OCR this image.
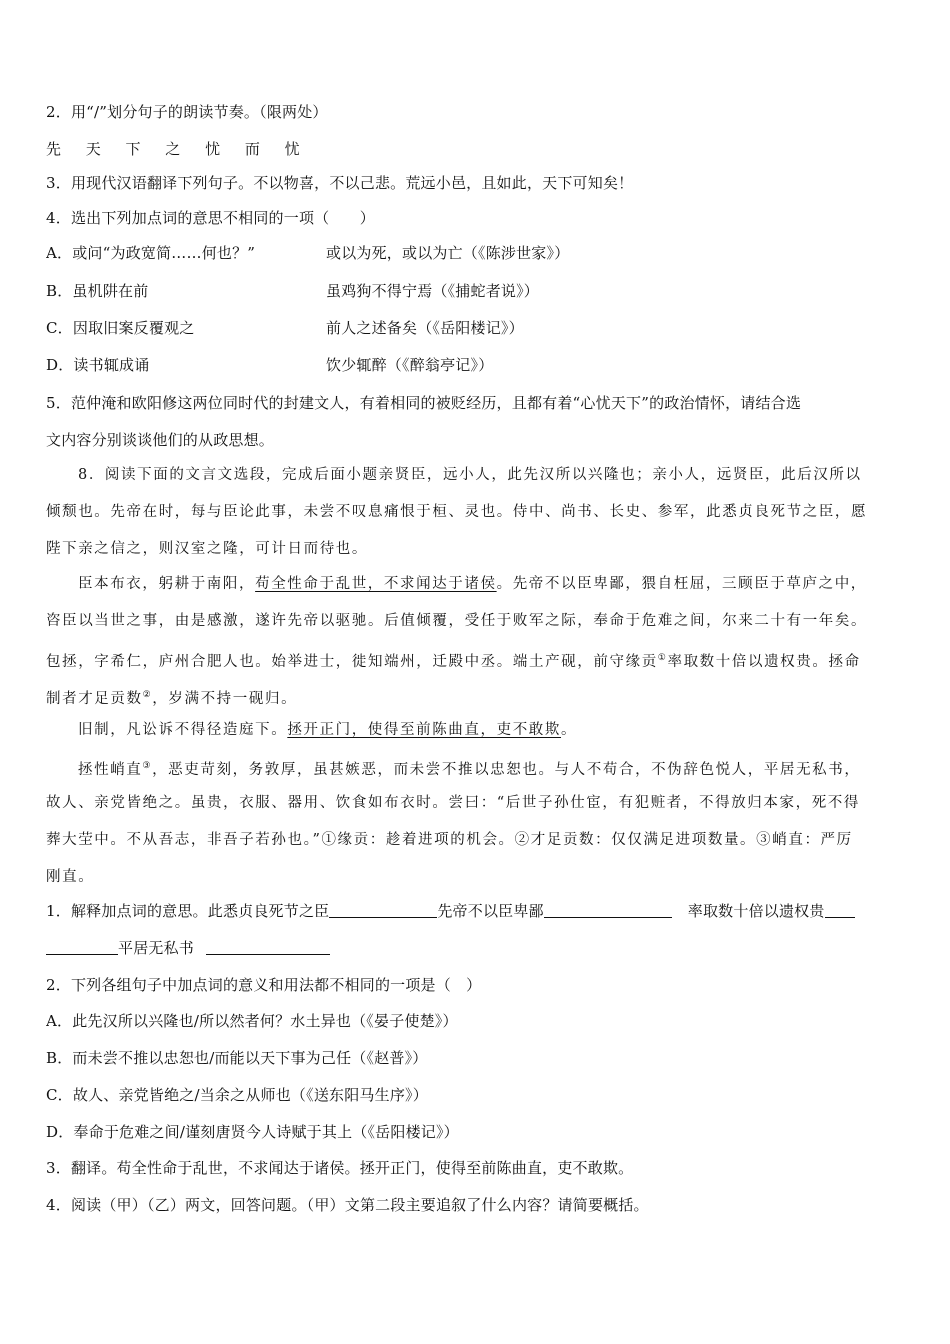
2．用“/”划分句子的朗读节奏。（限两处）
先 天 下 之 忧 而 忧
3．用现代汉语翻译下列句子。不以物喜，不以己悲。荒远小邑，且如此，天下可知矣！
4．选出下列加点词的意思不相同的一项（　　）
A．或问“为政宽简……何也？”	或以为死，或以为亡（《陈涉世家》）
B．虽机阱在前	虽鸡狗不得宁焉（《捕蛇者说》）
C．因取旧案反覆观之	前人之述备矣（《岳阳楼记》）
D．读书辄成诵	饮少辄醉（《醉翁亭记》）
5．范仲淹和欧阳修这两位同时代的封建文人，有着相同的被贬经历，且都有着“心忧天下”的政治情怀，请结合选
文内容分别谈谈他们的从政思想。
8．阅读下面的文言文选段，完成后面小题亲贤臣，远小人，此先汉所以兴隆也；亲小人，远贤臣，此后汉所以
倾颓也。先帝在时，每与臣论此事，未尝不叹息痛恨于桓、灵也。侍中、尚书、长史、参军，此悉贞良死节之臣，愿
陛下亲之信之，则汉室之隆，可计日而待也。
臣本布衣，躬耕于南阳，苟全性命于乱世，不求闻达于诸侯。先帝不以臣卑鄙，猥自枉屈，三顾臣于草庐之中，
咨臣以当世之事，由是感激，遂许先帝以驱驰。后值倾覆，受任于败军之际，奉命于危难之间，尔来二十有一年矣。
包拯，字希仁，庐州合肥人也。始举进士，徙知端州，迁殿中丞。端土产砚，前守缘贡①率取数十倍以遗权贵。拯命
制者才足贡数②，岁满不持一砚归。
旧制，凡讼诉不得径造庭下。拯开正门，使得至前陈曲直，吏不敢欺。
拯性峭直③，恶吏苛刻，务敦厚，虽甚嫉恶，而未尝不推以忠恕也。与人不苟合，不伪辞色悦人，平居无私书，
故人、亲党皆绝之。虽贵，衣服、器用、饮食如布衣时。尝曰：“后世子孙仕宦，有犯赃者，不得放归本家，死不得
葬大茔中。不从吾志，非吾子若孙也。”①缘贡：趁着进项的机会。②才足贡数：仅仅满足进项数量。③峭直：严厉
刚直。
1．解释加点词的意思。此悉贞良死节之臣	先帝不以臣卑鄙	率取数十倍以遗权贵
平居无私书
2．下列各组句子中加点词的意义和用法都不相同的一项是（　）
A．此先汉所以兴隆也/所以然者何？水土异也（《晏子使楚》）
B．而未尝不推以忠恕也/而能以天下事为己任（《赵普》）
C．故人、亲党皆绝之/当余之从师也（《送东阳马生序》）
D．奉命于危难之间/谨刻唐贤今人诗赋于其上（《岳阳楼记》）
3．翻译。苟全性命于乱世，不求闻达于诸侯。拯开正门，使得至前陈曲直，吏不敢欺。
4．阅读（甲）（乙）两文，回答问题。（甲）文第二段主要追叙了什么内容？请简要概括。
